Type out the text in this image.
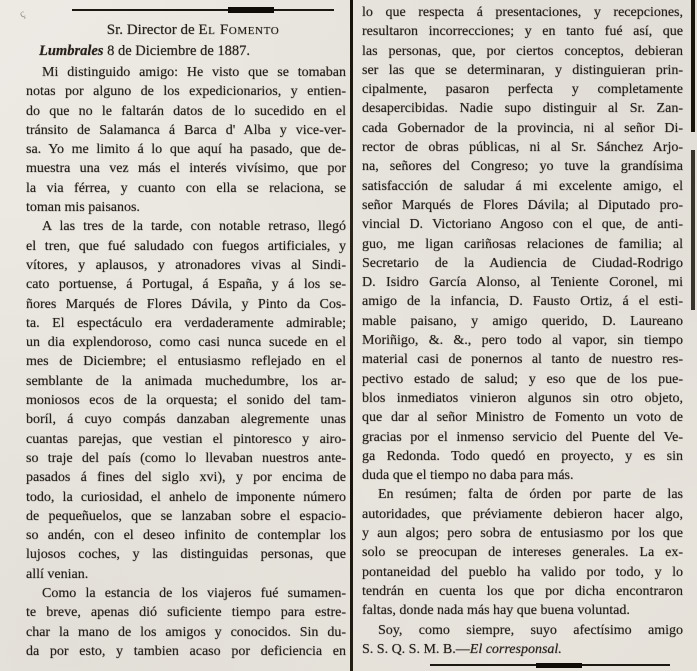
ç
Sr. Director de El Fomento
Lumbrales 8 de Diciembre de 1887.
Mi distinguido amigo: He visto que se tomaban
notas por alguno de los expedicionarios, y entien-
do que no le faltarán datos de lo sucedido en el
tránsito de Salamanca á Barca d' Alba y vice-ver-
sa. Yo me limito á lo que aquí ha pasado, que de-
muestra una vez más el interés vivísimo, que por
la via férrea, y cuanto con ella se relaciona, se
toman mis paisanos.
A las tres de la tarde, con notable retraso, llegó
el tren, que fué saludado con fuegos artificiales, y
vítores, y aplausos, y atronadores vivas al Sindi-
cato portuense, á Portugal, á España, y á los se-
ñores Marqués de Flores Dávila, y Pinto da Cos-
ta. El espectáculo era verdaderamente admirable;
un dia explendoroso, como casi nunca sucede en el
mes de Diciembre; el entusiasmo reflejado en el
semblante de la animada muchedumbre, los ar-
moniosos ecos de la orquesta; el sonido del tam-
boríl, á cuyo compás danzaban alegremente unas
cuantas parejas, que vestian el pintoresco y airo-
so traje del país (como lo llevaban nuestros ante-
pasados á fines del siglo xvi), y por encima de
todo, la curiosidad, el anhelo de imponente número
de pequeñuelos, que se lanzaban sobre el espacio-
so andén, con el deseo infinito de contemplar los
lujosos coches, y las distinguidas personas, que
allí venian.
Como la estancia de los viajeros fué sumamen-
te breve, apenas dió suficiente tiempo para estre-
char la mano de los amigos y conocidos. Sin du-
da por esto, y tambien acaso por deficiencia en
lo que respecta á presentaciones, y recepciones,
resultaron incorrecciones; y en tanto fué así, que
las personas, que, por ciertos conceptos, debieran
ser las que se determinaran, y distinguieran prin-
cipalmente, pasaron perfecta y completamente
desapercibidas. Nadie supo distinguir al Sr. Zan-
cada Gobernador de la provincia, ni al señor Di-
rector de obras públicas, ni al Sr. Sánchez Arjo-
na, señores del Congreso; yo tuve la grandísima
satisfacción de saludar á mi excelente amigo, el
señor Marqués de Flores Dávila; al Diputado pro-
vincial D. Victoriano Angoso con el que, de anti-
guo, me ligan cariñosas relaciones de familia; al
Secretario de la Audiencia de Ciudad-Rodrigo
D. Isidro García Alonso, al Teniente Coronel, mi
amigo de la infancia, D. Fausto Ortiz, á el esti-
mable paisano, y amigo querido, D. Laureano
Moriñigo, &. &., pero todo al vapor, sin tiempo
material casi de ponernos al tanto de nuestro res-
pectivo estado de salud; y eso que de los pue-
blos inmediatos vinieron algunos sin otro objeto,
que dar al señor Ministro de Fomento un voto de
gracias por el inmenso servicio del Puente del Ve-
ga Redonda. Todo quedó en proyecto, y es sin
duda que el tiempo no daba para más.
En resúmen; falta de órden por parte de las
autoridades, que préviamente debieron hacer algo,
y aun algos; pero sobra de entusiasmo por los que
solo se preocupan de intereses generales. La ex-
pontaneidad del pueblo ha valido por todo, y lo
tendrán en cuenta los que por dicha encontraron
faltas, donde nada más hay que buena voluntad.
Soy, como siempre, suyo afectísimo amigo
S. S. Q. S. M. B.—El corresponsal.
